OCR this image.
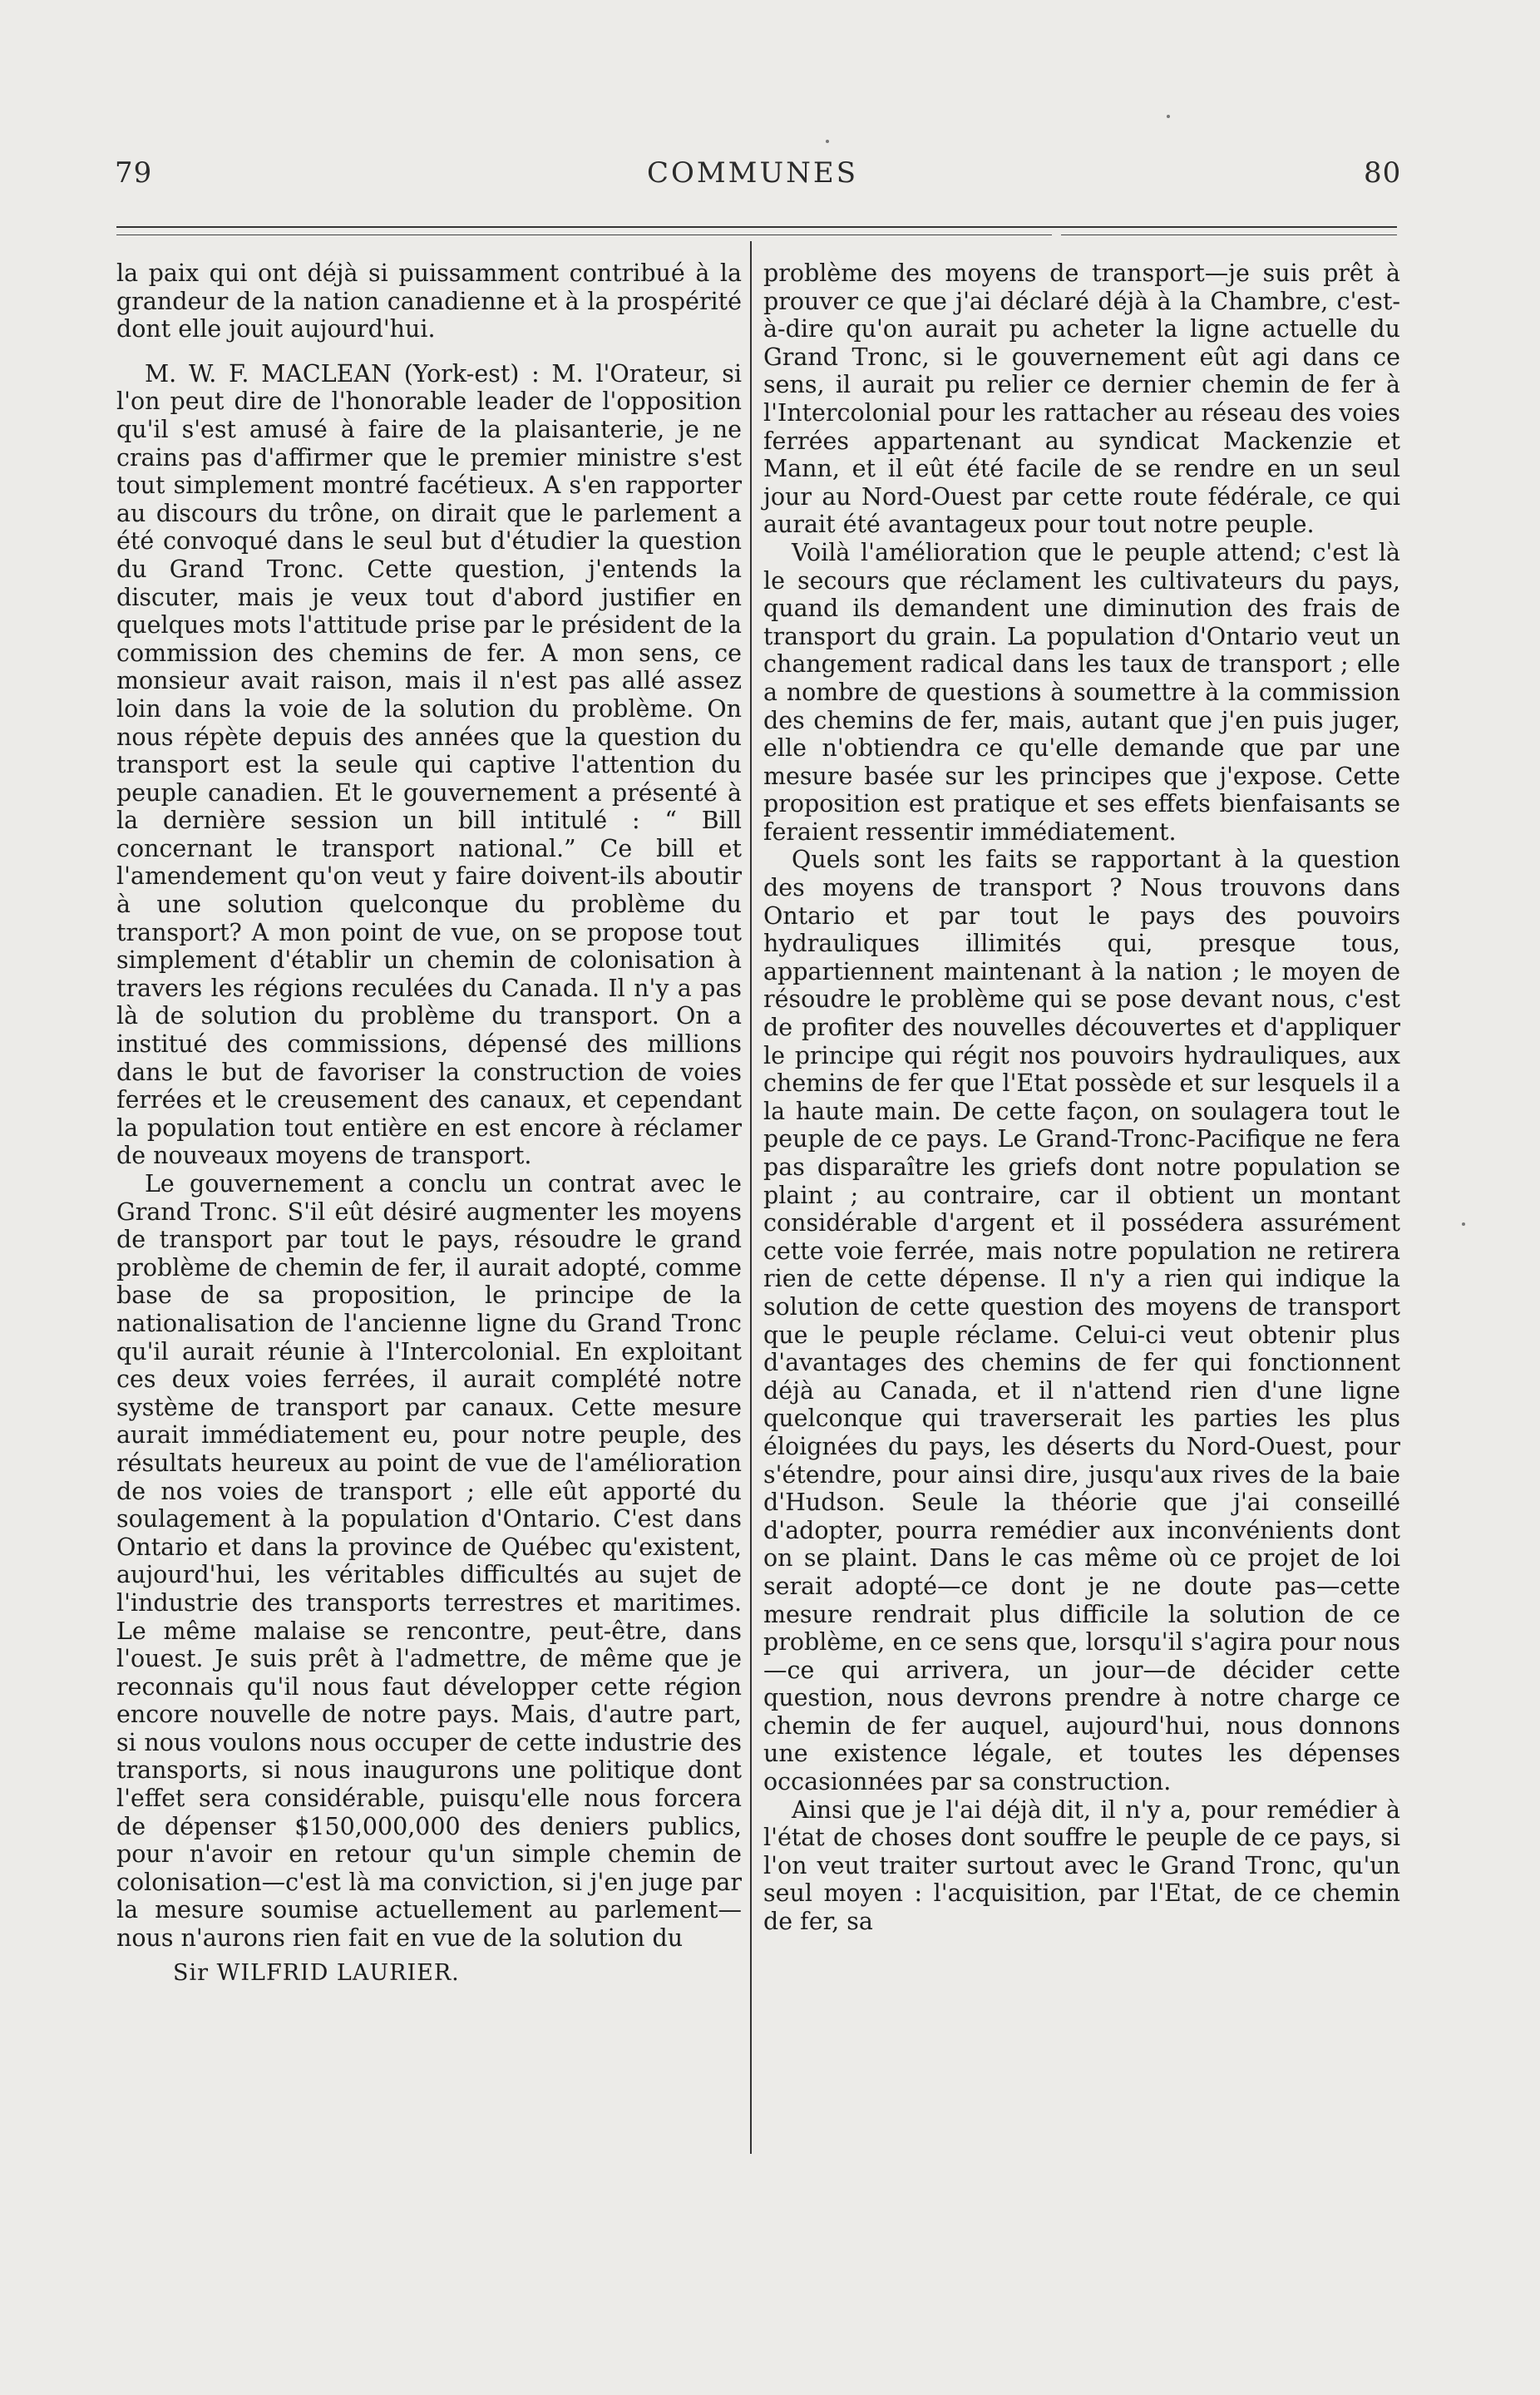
79	COMMUNES	80

la paix qui ont déjà si puissamment contribué à la grandeur de la nation canadienne et à la prospérité dont elle jouit aujourd'hui.

M. W. F. MACLEAN (York-est) : M. l'Orateur, si l'on peut dire de l'honorable leader de l'opposition qu'il s'est amusé à faire de la plaisanterie, je ne crains pas d'affirmer que le premier ministre s'est tout simplement montré facétieux. A s'en rapporter au discours du trône, on dirait que le parlement a été convoqué dans le seul but d'étudier la question du Grand Tronc. Cette question, j'entends la discuter, mais je veux tout d'abord justifier en quelques mots l'attitude prise par le président de la commission des chemins de fer. A mon sens, ce monsieur avait raison, mais il n'est pas allé assez loin dans la voie de la solution du problème. On nous répète depuis des années que la question du transport est la seule qui captive l'attention du peuple canadien. Et le gouvernement a présenté à la dernière session un bill intitulé : “ Bill concernant le transport national.” Ce bill et l'amendement qu'on veut y faire doivent-ils aboutir à une solution quelconque du problème du transport? A mon point de vue, on se propose tout simplement d'établir un chemin de colonisation à travers les régions reculées du Canada. Il n'y a pas là de solution du problème du transport. On a institué des commissions, dépensé des millions dans le but de favoriser la construction de voies ferrées et le creusement des canaux, et cependant la population tout entière en est encore à réclamer de nouveaux moyens de transport.

Le gouvernement a conclu un contrat avec le Grand Tronc. S'il eût désiré augmenter les moyens de transport par tout le pays, résoudre le grand problème de chemin de fer, il aurait adopté, comme base de sa proposition, le principe de la nationalisation de l'ancienne ligne du Grand Tronc qu'il aurait réunie à l'Intercolonial. En exploitant ces deux voies ferrées, il aurait complété notre système de transport par canaux. Cette mesure aurait immédiatement eu, pour notre peuple, des résultats heureux au point de vue de l'amélioration de nos voies de transport ; elle eût apporté du soulagement à la population d'Ontario. C'est dans Ontario et dans la province de Québec qu'existent, aujourd'hui, les véritables difficultés au sujet de l'industrie des transports terrestres et maritimes. Le même malaise se rencontre, peut-être, dans l'ouest. Je suis prêt à l'admettre, de même que je reconnais qu'il nous faut développer cette région encore nouvelle de notre pays. Mais, d'autre part, si nous voulons nous occuper de cette industrie des transports, si nous inaugurons une politique dont l'effet sera considérable, puisqu'elle nous forcera de dépenser $150,000,000 des deniers publics, pour n'avoir en retour qu'un simple chemin de colonisation—c'est là ma conviction, si j'en juge par la mesure soumise actuellement au parlement—nous n'aurons rien fait en vue de la solution du

Sir WILFRID LAURIER.

problème des moyens de transport—je suis prêt à prouver ce que j'ai déclaré déjà à la Chambre, c'est-à-dire qu'on aurait pu acheter la ligne actuelle du Grand Tronc, si le gouvernement eût agi dans ce sens, il aurait pu relier ce dernier chemin de fer à l'Intercolonial pour les rattacher au réseau des voies ferrées appartenant au syndicat Mackenzie et Mann, et il eût été facile de se rendre en un seul jour au Nord-Ouest par cette route fédérale, ce qui aurait été avantageux pour tout notre peuple.

Voilà l'amélioration que le peuple attend; c'est là le secours que réclament les cultivateurs du pays, quand ils demandent une diminution des frais de transport du grain. La population d'Ontario veut un changement radical dans les taux de transport ; elle a nombre de questions à soumettre à la commission des chemins de fer, mais, autant que j'en puis juger, elle n'obtiendra ce qu'elle demande que par une mesure basée sur les principes que j'expose. Cette proposition est pratique et ses effets bienfaisants se feraient ressentir immédiatement.

Quels sont les faits se rapportant à la question des moyens de transport ? Nous trouvons dans Ontario et par tout le pays des pouvoirs hydrauliques illimités qui, presque tous, appartiennent maintenant à la nation ; le moyen de résoudre le problème qui se pose devant nous, c'est de profiter des nouvelles découvertes et d'appliquer le principe qui régit nos pouvoirs hydrauliques, aux chemins de fer que l'Etat possède et sur lesquels il a la haute main. De cette façon, on soulagera tout le peuple de ce pays. Le Grand-Tronc-Pacifique ne fera pas disparaître les griefs dont notre population se plaint ; au contraire, car il obtient un montant considérable d'argent et il possédera assurément cette voie ferrée, mais notre population ne retirera rien de cette dépense. Il n'y a rien qui indique la solution de cette question des moyens de transport que le peuple réclame. Celui-ci veut obtenir plus d'avantages des chemins de fer qui fonctionnent déjà au Canada, et il n'attend rien d'une ligne quelconque qui traverserait les parties les plus éloignées du pays, les déserts du Nord-Ouest, pour s'étendre, pour ainsi dire, jusqu'aux rives de la baie d'Hudson. Seule la théorie que j'ai conseillé d'adopter, pourra remédier aux inconvénients dont on se plaint. Dans le cas même où ce projet de loi serait adopté—ce dont je ne doute pas—cette mesure rendrait plus difficile la solution de ce problème, en ce sens que, lorsqu'il s'agira pour nous—ce qui arrivera, un jour—de décider cette question, nous devrons prendre à notre charge ce chemin de fer auquel, aujourd'hui, nous donnons une existence légale, et toutes les dépenses occasionnées par sa construction.

Ainsi que je l'ai déjà dit, il n'y a, pour remédier à l'état de choses dont souffre le peuple de ce pays, si l'on veut traiter surtout avec le Grand Tronc, qu'un seul moyen : l'acquisition, par l'Etat, de ce chemin de fer, sa
